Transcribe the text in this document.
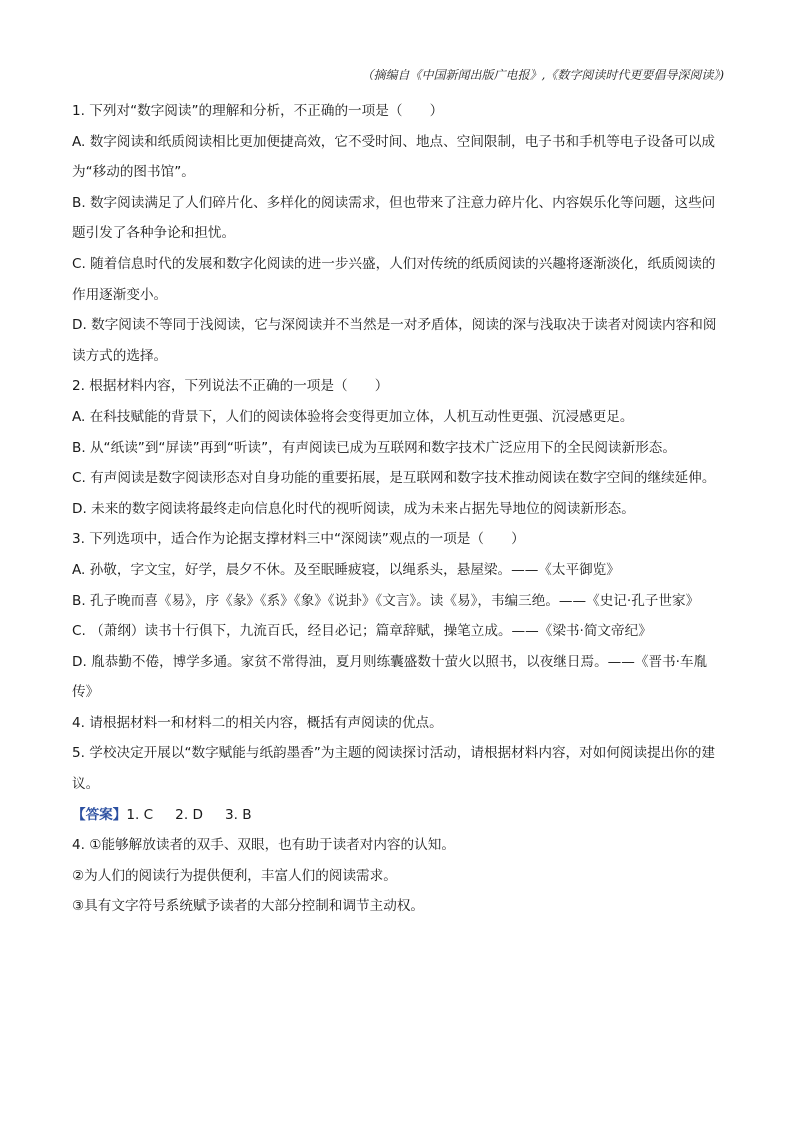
（摘编自《中国新闻出版广电报》,《数字阅读时代更要倡导深阅读》)

1. 下列对“数字阅读”的理解和分析，不正确的一项是（　　）

A. 数字阅读和纸质阅读相比更加便捷高效，它不受时间、地点、空间限制，电子书和手机等电子设备可以成为“移动的图书馆”。

B. 数字阅读满足了人们碎片化、多样化的阅读需求，但也带来了注意力碎片化、内容娱乐化等问题，这些问题引发了各种争论和担忧。

C. 随着信息时代的发展和数字化阅读的进一步兴盛，人们对传统的纸质阅读的兴趣将逐渐淡化，纸质阅读的作用逐渐变小。

D. 数字阅读不等同于浅阅读，它与深阅读并不当然是一对矛盾体，阅读的深与浅取决于读者对阅读内容和阅读方式的选择。

2. 根据材料内容，下列说法不正确的一项是（　　）

A. 在科技赋能的背景下，人们的阅读体验将会变得更加立体，人机互动性更强、沉浸感更足。

B. 从“纸读”到“屏读”再到“听读”，有声阅读已成为互联网和数字技术广泛应用下的全民阅读新形态。

C. 有声阅读是数字阅读形态对自身功能的重要拓展，是互联网和数字技术推动阅读在数字空间的继续延伸。

D. 未来的数字阅读将最终走向信息化时代的视听阅读，成为未来占据先导地位的阅读新形态。

3. 下列选项中，适合作为论据支撑材料三中“深阅读”观点的一项是（　　）

A. 孙敬，字文宝，好学，晨夕不休。及至眠睡疲寝，以绳系头，悬屋梁。——《太平御览》

B. 孔子晚而喜《易》，序《彖》《系》《象》《说卦》《文言》。读《易》，韦编三绝。——《史记·孔子世家》

C. （萧纲）读书十行俱下，九流百氏，经目必记；篇章辞赋，操笔立成。——《梁书·简文帝纪》

D. 胤恭勤不倦，博学多通。家贫不常得油，夏月则练囊盛数十萤火以照书，以夜继日焉。——《晋书·车胤传》

4. 请根据材料一和材料二的相关内容，概括有声阅读的优点。

5. 学校决定开展以“数字赋能与纸韵墨香”为主题的阅读探讨活动，请根据材料内容，对如何阅读提出你的建议。

【答案】1. C 2. D 3. B

4. ①能够解放读者的双手、双眼，也有助于读者对内容的认知。

②为人们的阅读行为提供便利，丰富人们的阅读需求。

③具有文字符号系统赋予读者的大部分控制和调节主动权。
